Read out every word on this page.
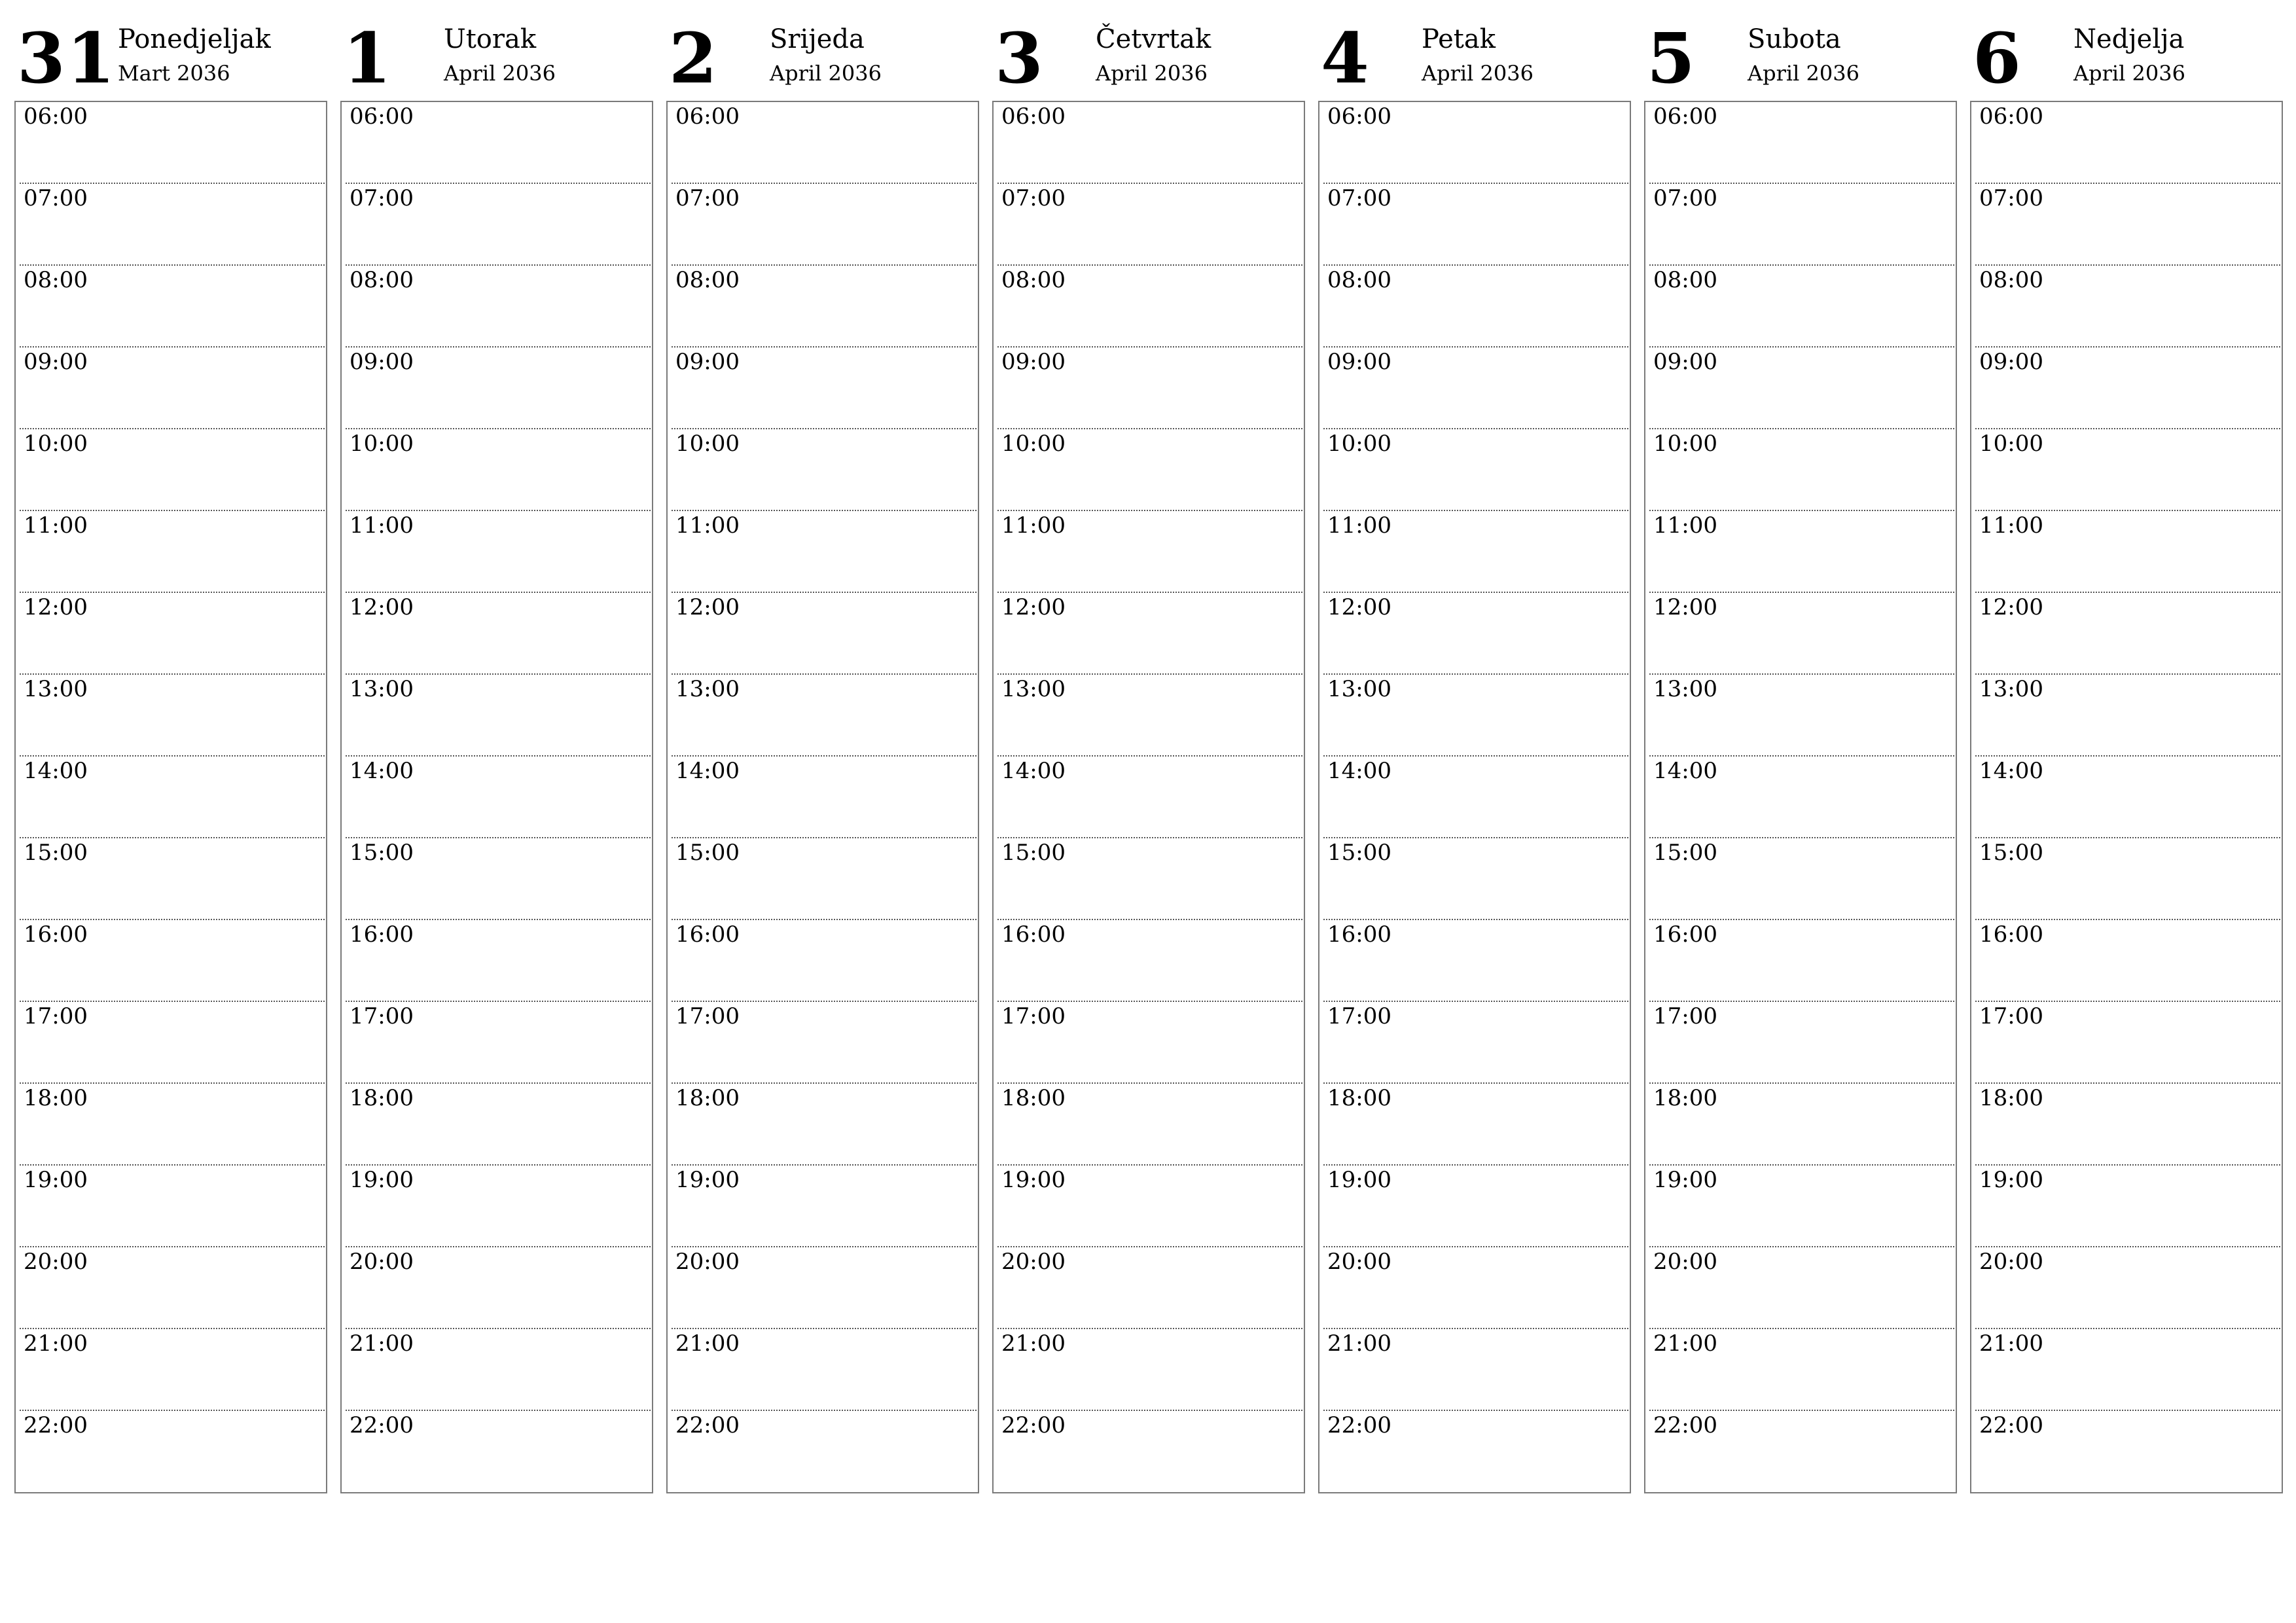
31 Ponedjeljak
Mart 2036
06:00
07:00
08:00
09:00
10:00
11:00
12:00
13:00
14:00
15:00
16:00
17:00
18:00
19:00
20:00
21:00
22:00
1 Utorak
April 2036
06:00
07:00
08:00
09:00
10:00
11:00
12:00
13:00
14:00
15:00
16:00
17:00
18:00
19:00
20:00
21:00
22:00
2 Srijeda
April 2036
06:00
07:00
08:00
09:00
10:00
11:00
12:00
13:00
14:00
15:00
16:00
17:00
18:00
19:00
20:00
21:00
22:00
3 Četvrtak
April 2036
06:00
07:00
08:00
09:00
10:00
11:00
12:00
13:00
14:00
15:00
16:00
17:00
18:00
19:00
20:00
21:00
22:00
4 Petak
April 2036
06:00
07:00
08:00
09:00
10:00
11:00
12:00
13:00
14:00
15:00
16:00
17:00
18:00
19:00
20:00
21:00
22:00
5 Subota
April 2036
06:00
07:00
08:00
09:00
10:00
11:00
12:00
13:00
14:00
15:00
16:00
17:00
18:00
19:00
20:00
21:00
22:00
6 Nedjelja
April 2036
06:00
07:00
08:00
09:00
10:00
11:00
12:00
13:00
14:00
15:00
16:00
17:00
18:00
19:00
20:00
21:00
22:00
